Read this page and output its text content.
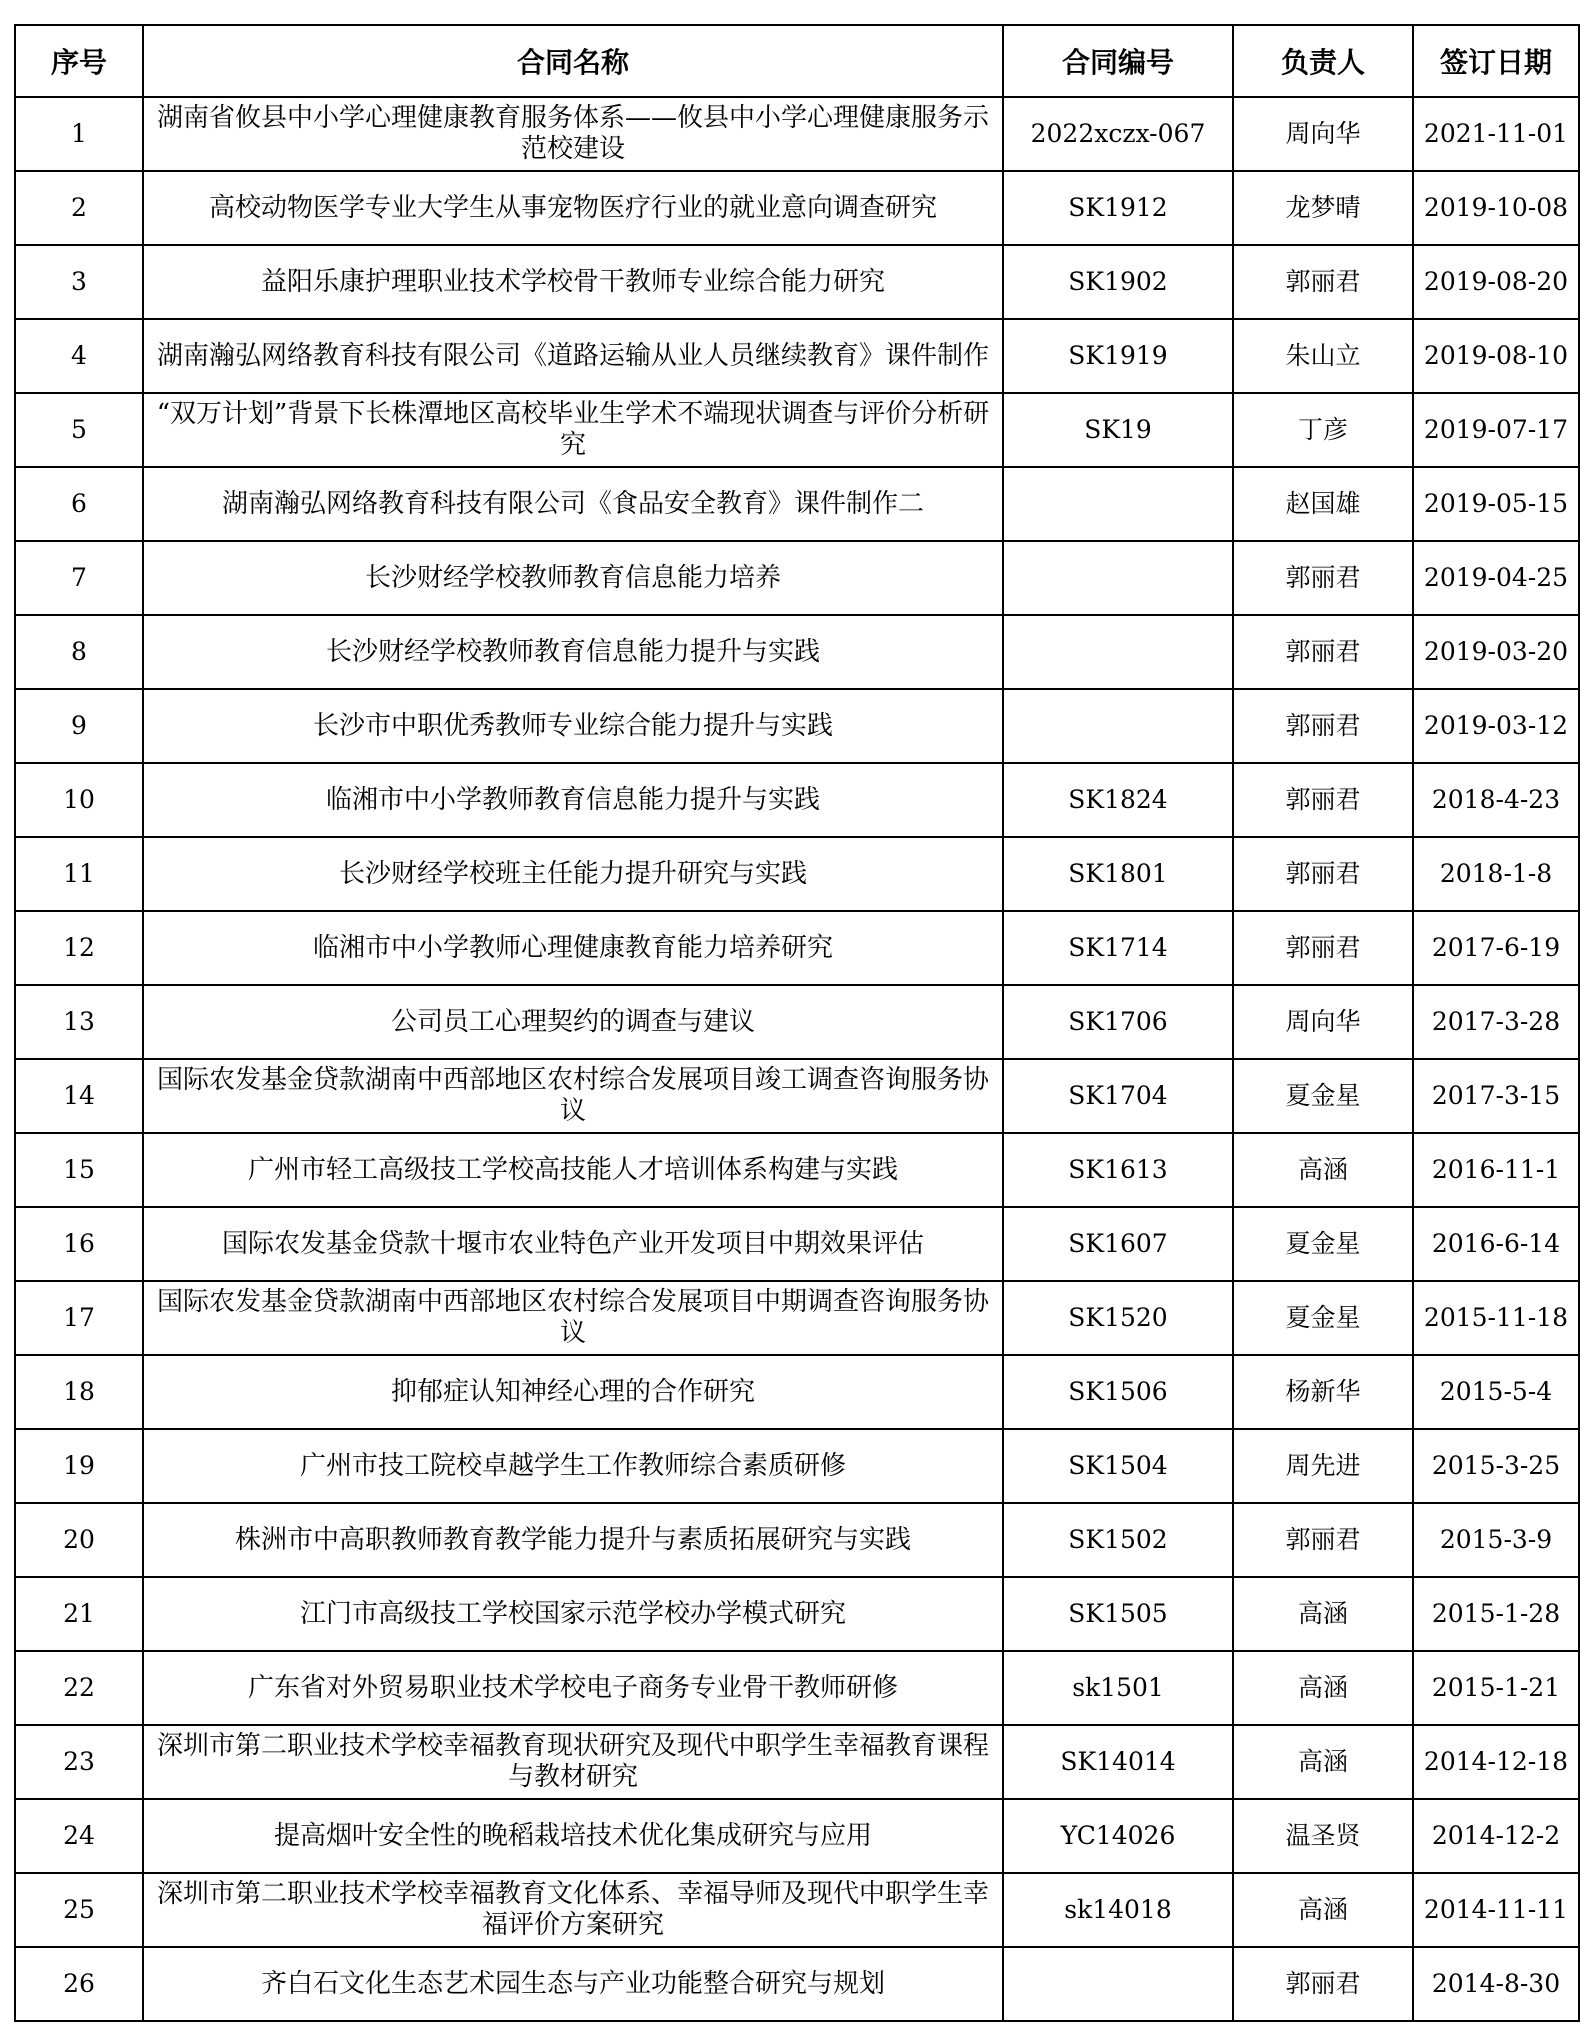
序号	合同名称	合同编号	负责人	签订日期
1	湖南省攸县中小学心理健康教育服务体系——攸县中小学心理健康服务示范校建设	2022xczx-067	周向华	2021-11-01
2	高校动物医学专业大学生从事宠物医疗行业的就业意向调查研究	SK1912	龙梦晴	2019-10-08
3	益阳乐康护理职业技术学校骨干教师专业综合能力研究	SK1902	郭丽君	2019-08-20
4	湖南瀚弘网络教育科技有限公司《道路运输从业人员继续教育》课件制作	SK1919	朱山立	2019-08-10
5	“双万计划”背景下长株潭地区高校毕业生学术不端现状调查与评价分析研究	SK19	丁彦	2019-07-17
6	湖南瀚弘网络教育科技有限公司《食品安全教育》课件制作二		赵国雄	2019-05-15
7	长沙财经学校教师教育信息能力培养		郭丽君	2019-04-25
8	长沙财经学校教师教育信息能力提升与实践		郭丽君	2019-03-20
9	长沙市中职优秀教师专业综合能力提升与实践		郭丽君	2019-03-12
10	临湘市中小学教师教育信息能力提升与实践	SK1824	郭丽君	2018-4-23
11	长沙财经学校班主任能力提升研究与实践	SK1801	郭丽君	2018-1-8
12	临湘市中小学教师心理健康教育能力培养研究	SK1714	郭丽君	2017-6-19
13	公司员工心理契约的调查与建议	SK1706	周向华	2017-3-28
14	国际农发基金贷款湖南中西部地区农村综合发展项目竣工调查咨询服务协议	SK1704	夏金星	2017-3-15
15	广州市轻工高级技工学校高技能人才培训体系构建与实践	SK1613	高涵	2016-11-1
16	国际农发基金贷款十堰市农业特色产业开发项目中期效果评估	SK1607	夏金星	2016-6-14
17	国际农发基金贷款湖南中西部地区农村综合发展项目中期调查咨询服务协议	SK1520	夏金星	2015-11-18
18	抑郁症认知神经心理的合作研究	SK1506	杨新华	2015-5-4
19	广州市技工院校卓越学生工作教师综合素质研修	SK1504	周先进	2015-3-25
20	株洲市中高职教师教育教学能力提升与素质拓展研究与实践	SK1502	郭丽君	2015-3-9
21	江门市高级技工学校国家示范学校办学模式研究	SK1505	高涵	2015-1-28
22	广东省对外贸易职业技术学校电子商务专业骨干教师研修	sk1501	高涵	2015-1-21
23	深圳市第二职业技术学校幸福教育现状研究及现代中职学生幸福教育课程与教材研究	SK14014	高涵	2014-12-18
24	提高烟叶安全性的晚稻栽培技术优化集成研究与应用	YC14026	温圣贤	2014-12-2
25	深圳市第二职业技术学校幸福教育文化体系、幸福导师及现代中职学生幸福评价方案研究	sk14018	高涵	2014-11-11
26	齐白石文化生态艺术园生态与产业功能整合研究与规划		郭丽君	2014-8-30
